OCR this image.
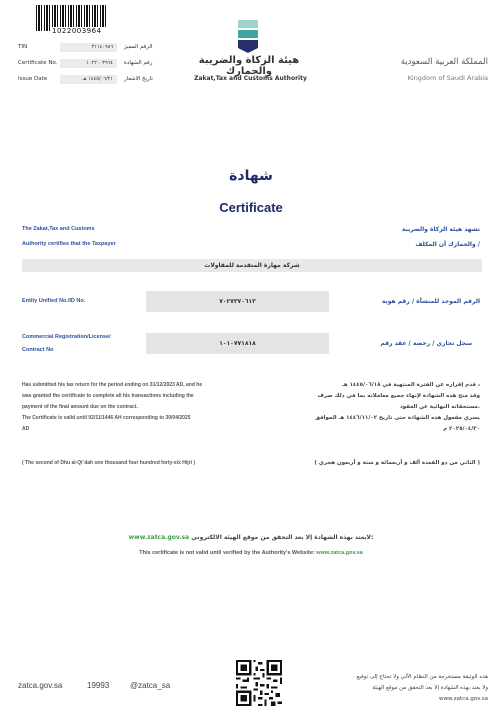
1022003964
TIN	٣١١٤٠٩٨٦	الرقم المميز
Certificate No.	١٠٢٢٠٠٣٩٦٤	رقم الشهادة
Issue Date	١٤٤٥/٠٦/٢١ هـ	تاريخ الاشعار
هيئة الزكاة والضريبة والجمارك
Zakat,Tax and Customs Authority
المملكة العربية السعودية
Kingdom of Saudi Arabia
شهادة
Certificate
The Zakat,Tax and Customs
Authority certifies that the Taxpayer
تشهد هيئة الزكاة والضريبة
والجمارك أن المكلف /
شركة مهارة المتقدمة للمقاولات
Entity Unified No./ID No.	٧٠٢٧٣٧٠٦١٣	الرقم الموحد للمنشأة / رقم هوية
Commercial Registration/License/
Contract No
١٠١٠٧٧١٨١٨	سجل تجاري / رخصة / عقد رقم
Has submitted his tax return for the period ending on 31/12/2023 AD, and he
was granted the certificate to complete all his transactions including the
payment of the final amount due on the contract.
The Certificate is valid until 02/11/1446 AH corresponding to 30/04/2025
AD
قدم إقراره عن الفترة المنتهية في ١٤٤٥/٠٦/١٨ هـ ،
وقد منح هذه الشهادة لإنهاء جميع معاملاته بما في ذلك صرف
مستحقاته النهائية عن العقود.
يسري مفعول هذه الشهادة حتى تاريخ ١٤٤٦/١١/٠٢ هـ الموافق
٢٠٢٥/٠٤/٣٠ م
( The second of Dhu al-Qi`dah one thousand four hundred forty-six Hijri )	( الثاني من ذو القعدة ألف و أربعمائة و ستة و أربعون هجري )
www.zatca.gov.sa لايعتد بهذه الشهادة إلا بعد التحقق من موقع الهيئة الالكتروني:
This certificate is not valid until verified by the Authority's Website: www.zatca.gov.sa
zatca.gov.sa	19993	@zatca_sa
هذه الوثيقة مستخرجة من النظام الآلي ولا تحتاج إلى توقيع
ولا يعتد بهذه الشهادة إلا بعد التحقق من موقع الهيئة
www.zatca.gov.sa
